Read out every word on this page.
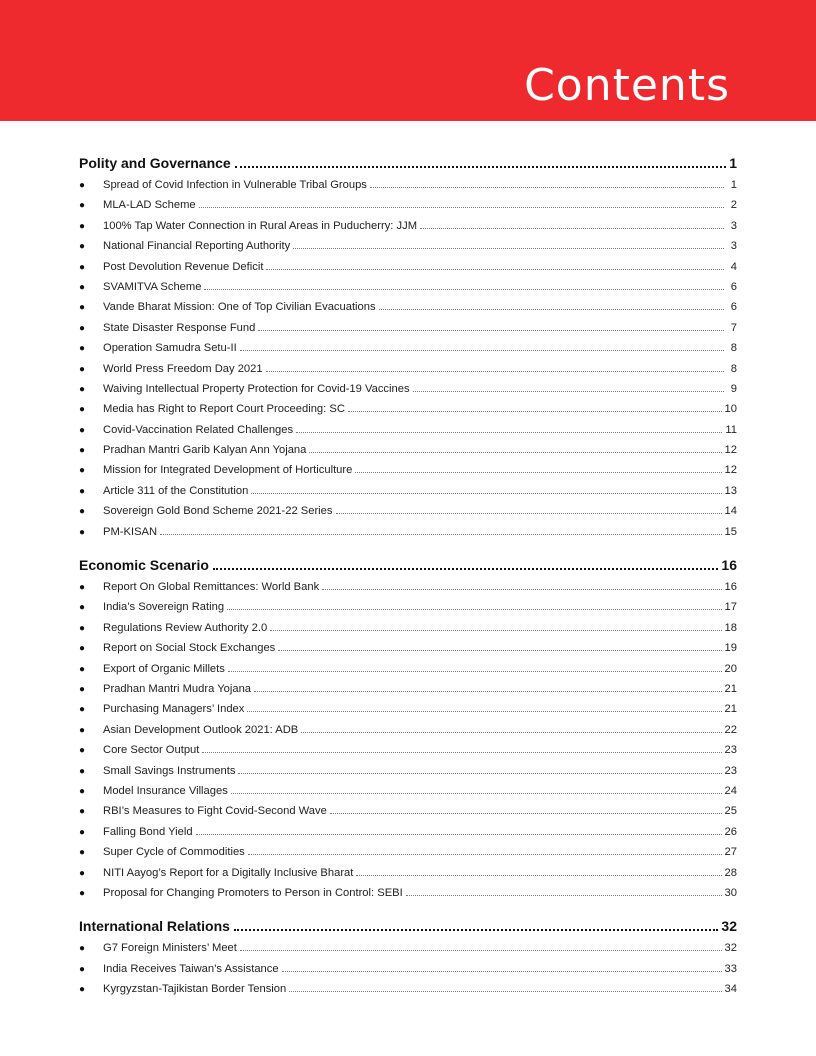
Contents
Polity and Governance	1
●	Spread of Covid Infection in Vulnerable Tribal Groups	1
●	MLA-LAD Scheme	2
●	100% Tap Water Connection in Rural Areas in Puducherry: JJM	3
●	National Financial Reporting Authority	3
●	Post Devolution Revenue Deficit	4
●	SVAMITVA Scheme	6
●	Vande Bharat Mission: One of Top Civilian Evacuations	6
●	State Disaster Response Fund	7
●	Operation Samudra Setu-II	8
●	World Press Freedom Day 2021	8
●	Waiving Intellectual Property Protection for Covid-19 Vaccines	9
●	Media has Right to Report Court Proceeding: SC	10
●	Covid-Vaccination Related Challenges	11
●	Pradhan Mantri Garib Kalyan Ann Yojana	12
●	Mission for Integrated Development of Horticulture	12
●	Article 311 of the Constitution	13
●	Sovereign Gold Bond Scheme 2021-22 Series	14
●	PM-KISAN	15
Economic Scenario	16
●	Report On Global Remittances: World Bank	16
●	India’s Sovereign Rating	17
●	Regulations Review Authority 2.0	18
●	Report on Social Stock Exchanges	19
●	Export of Organic Millets	20
●	Pradhan Mantri Mudra Yojana	21
●	Purchasing Managers’ Index	21
●	Asian Development Outlook 2021: ADB	22
●	Core Sector Output	23
●	Small Savings Instruments	23
●	Model Insurance Villages	24
●	RBI’s Measures to Fight Covid-Second Wave	25
●	Falling Bond Yield	26
●	Super Cycle of Commodities	27
●	NITI Aayog’s Report for a Digitally Inclusive Bharat	28
●	Proposal for Changing Promoters to Person in Control: SEBI	30
International Relations	32
●	G7 Foreign Ministers’ Meet	32
●	India Receives Taiwan’s Assistance	33
●	Kyrgyzstan-Tajikistan Border Tension	34
